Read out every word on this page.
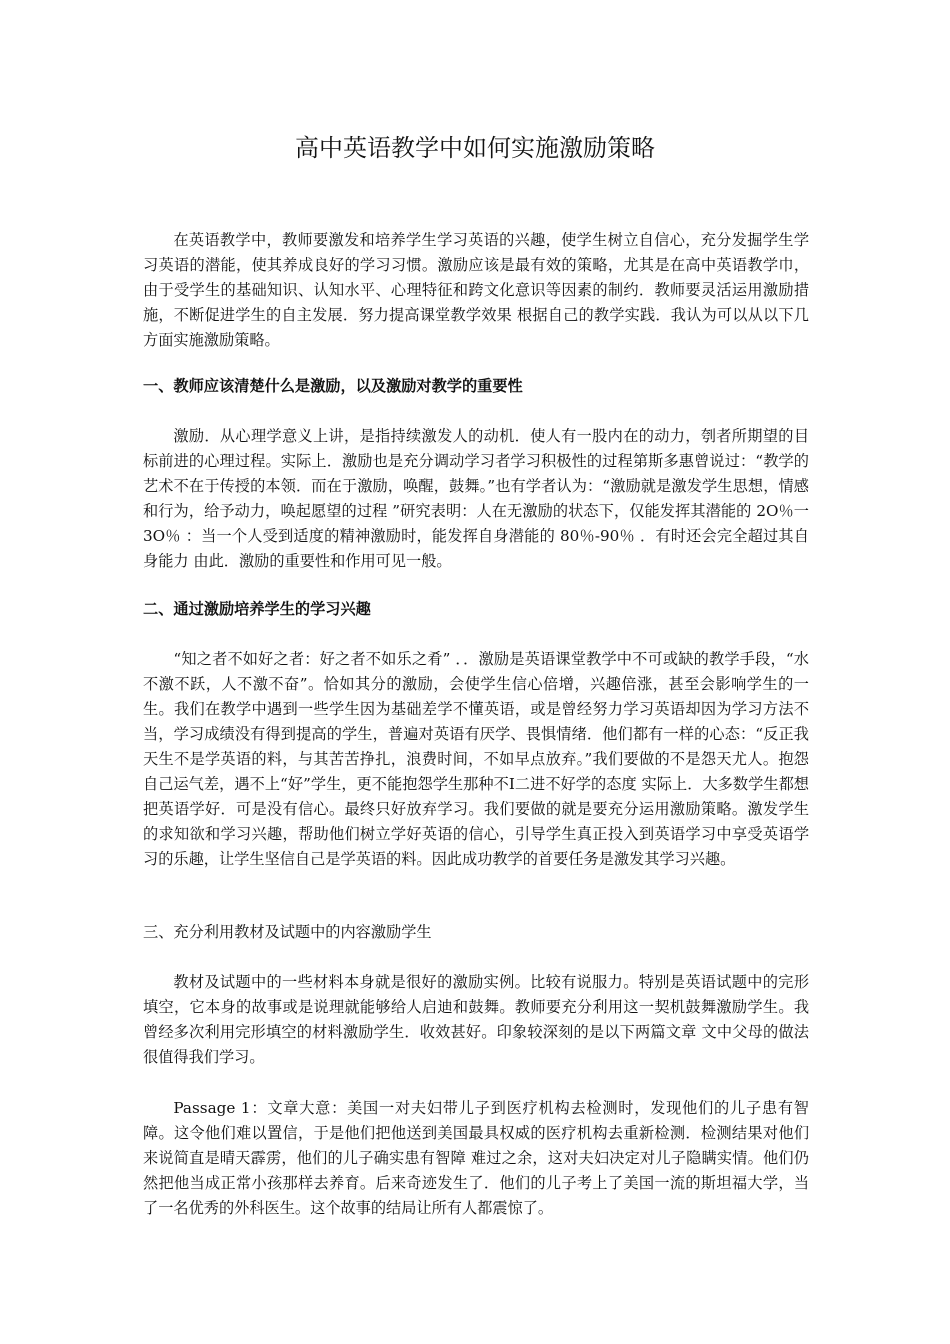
高中英语教学中如何实施激励策略

在英语教学中，教师要激发和培养学生学习英语的兴趣，使学生树立自信心，充分发掘学生学习英语的潜能，使其养成良好的学习习惯。激励应该是最有效的策略，尤其是在高中英语教学巾，由于受学生的基础知识、认知水平、心理特征和跨文化意识等因素的制约．教师要灵活运用激励措施，不断促进学生的自主发展．努力提高课堂教学效果 根据自己的教学实践．我认为可以从以下几方面实施激励策略。

一、教师应该清楚什么是激励，以及激励对教学的重要性

激励．从心理学意义上讲，是指持续激发人的动机．使人有一股内在的动力，刳者所期望的目标前进的心理过程。实际上．激励也是充分调动学习者学习积极性的过程第斯多惠曾说过：“教学的艺术不在于传授的本领．而在于激励，唤醒，鼓舞。”也有学者认为：“激励就是激发学生思想，情感和行为，给予动力，唤起愿望的过程 ”研究表明：人在无激励的状态下，仅能发挥其潜能的 2O％一 3O％ ：当一个人受到适度的精神激励时，能发挥自身潜能的 80％-90％ ．有时还会完全超过其自身能力 由此．激励的重要性和作用可见一般。

二、通过激励培养学生的学习兴趣

“知之者不如好之者：好之者不如乐之肴” ．．激励是英语课堂教学中不可或缺的教学手段，“水不激不跃，人不激不奋”。恰如其分的激励，会使学生信心倍增，兴趣倍涨，甚至会影响学生的一生。我们在教学中遇到一些学生因为基础差学不懂英语，或是曾经努力学习英语却因为学习方法不当，学习成绩没有得到提高的学生，普遍对英语有厌学、畏惧情绪．他们都有一样的心态：“反正我天生不是学英语的料，与其苦苦挣扎，浪费时间，不如早点放弃。”我们要做的不是怨天尤人。抱怨自己运气差，遇不上“好”学生，更不能抱怨学生那种不I二进不好学的态度 实际上．大多数学生都想把英语学好．可是没有信心。最终只好放弃学习。我们要做的就是要充分运用激励策略。激发学生的求知欲和学习兴趣，帮助他们树立学好英语的信心，引导学生真正投入到英语学习中享受英语学习的乐趣，让学生坚信自己是学英语的料。因此成功教学的首要任务是激发其学习兴趣。

三、充分利用教材及试题中的内容激励学生

教材及试题中的一些材料本身就是很好的激励实例。比较有说服力。特别是英语试题中的完形填空，它本身的故事或是说理就能够给人启迪和鼓舞。教师要充分利用这一契机鼓舞激励学生。我曾经多次利用完形填空的材料激励学生．收效甚好。印象较深刻的是以下两篇文章 文中父母的做法很值得我们学习。

Passage 1：文章大意：美国一对夫妇带儿子到医疗机构去检测时，发现他们的儿子患有智障。这令他们难以置信，于是他们把他送到美国最具权威的医疗机构去重新检测．检测结果对他们来说简直是晴天霹雳，他们的儿子确实患有智障 难过之余，这对夫妇决定对儿子隐瞒实情。他们仍然把他当成正常小孩那样去养育。后来奇迹发生了．他们的儿子考上了美国一流的斯坦福大学，当了一名优秀的外科医生。这个故事的结局让所有人都震惊了。
